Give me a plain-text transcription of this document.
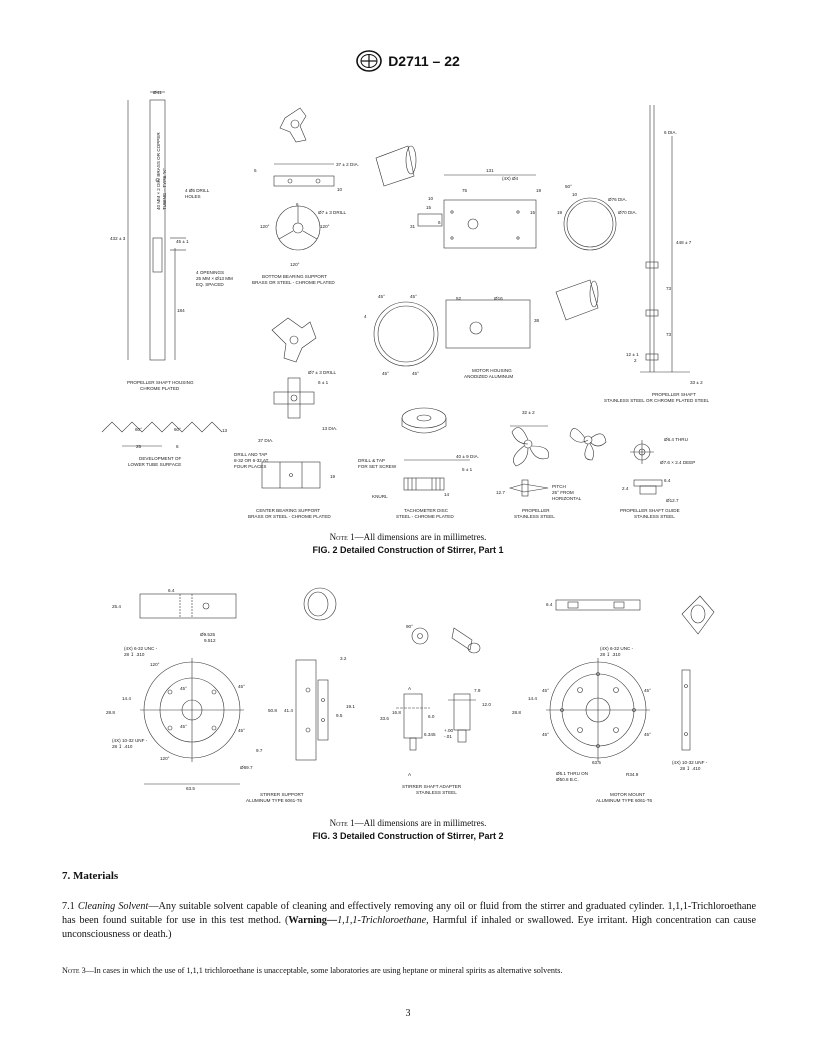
D2711 – 22
Ø41
40 MM × 2 DIA. BRASS OR COPPER TUBING – TYPE "K"	4 Ø5 DRILL
HOLES
432 ± 3
45 ± 1
4 OPENINGS
25 MM × Ø13 MM
EQ. SPACED
184
PROPELLER SHAFT HOUSING
CHROME PLATED
60°	60°	13
25	6
DEVELOPMENT OF
LOWER TUBE SURFACE
37 ± 2 DIA.
5
10
6
Ø7 ± 3 DRILL
120°	120°
120°
BOTTOM BEARING SUPPORT
BRASS OR STEEL - CHROME PLATED
131
75
(4X) Ø4
19
10
15
15
31
6
50°
10
19
Ø76 DIA.
Ø70 DIA.
45°	45°
4
45°	45°
52	Ø16
38
MOTOR HOUSING
ANODIZED ALUMINUM
Ø7 ± 3 DRILL
6 ± 1
13 DIA.
37 DIA.
DRILL AND TAP
8-32 OR 6-32 AT
FOUR PLACES
19
CENTER BEARING SUPPORT
BRASS OR STEEL - CHROME PLATED
DRILL & TAP
FOR SET SCREW
40 ± 9 DIA.
5 ± 1
KNURL	14
TACHOMETER DISC
STEEL - CHROME PLATED
32 ± 2
12.7
PITCH
25° FROM
HORIZONTAL
PROPELLER
STAINLESS STEEL
6 DIA.
448 ± 7
73
73
12 ± 1
2
33 ± 2
PROPELLER SHAFT
STAINLESS STEEL OR CHROME PLATED STEEL
Ø6.4 THRU
Ø7.6 × 2.4 DEEP
2.4
6.4
Ø12.7
PROPELLER SHAFT GUIDE
STAINLESS STEEL
Note 1—All dimensions are in millimetres.
FIG. 2 Detailed Construction of Stirrer, Part 1
6.4
25.4
(4X) 6-32 UNC -
28 ↧ .310
Ø9.525
9.512
120°
45°	45°
45°
45°
28.8
14.4
(4X) 10-32 UNF -
28 ↧ .410
120°
Ø69.7
63.5
3.2
50.8 41.4
19.1
9.5
9.7
STIRRER SUPPORT
ALUMINUM TYPE 6061-T6
90°
A
A
16.8
33.6	6.0
6.345
+.00
-.01
7.9
12.0
STIRRER SHAFT ADAPTER
STAINLESS STEEL
6.4
(4X) 6-32 UNC -
28 ↧ .310
45°	45°
45°	45°
28.8
14.4
63.5
Ø5.1 THRU ON
Ø50.8 B.C.
R34.9
(4X) 10-32 UNF -
28 ↧ .410
MOTOR MOUNT
ALUMINUM TYPE 6061-T6
Note 1—All dimensions are in millimetres.
FIG. 3 Detailed Construction of Stirrer, Part 2
7. Materials
7.1 Cleaning Solvent—Any suitable solvent capable of cleaning and effectively removing any oil or fluid from the stirrer and graduated cylinder. 1,1,1-Trichloroethane has been found suitable for use in this test method. (Warning—1,1,1-Trichloroethane, Harmful if inhaled or swallowed. Eye irritant. High concentration can cause unconsciousness or death.)
Note 3—In cases in which the use of 1,1,1 trichloroethane is unacceptable, some laboratories are using heptane or mineral spirits as alternative solvents.
3
